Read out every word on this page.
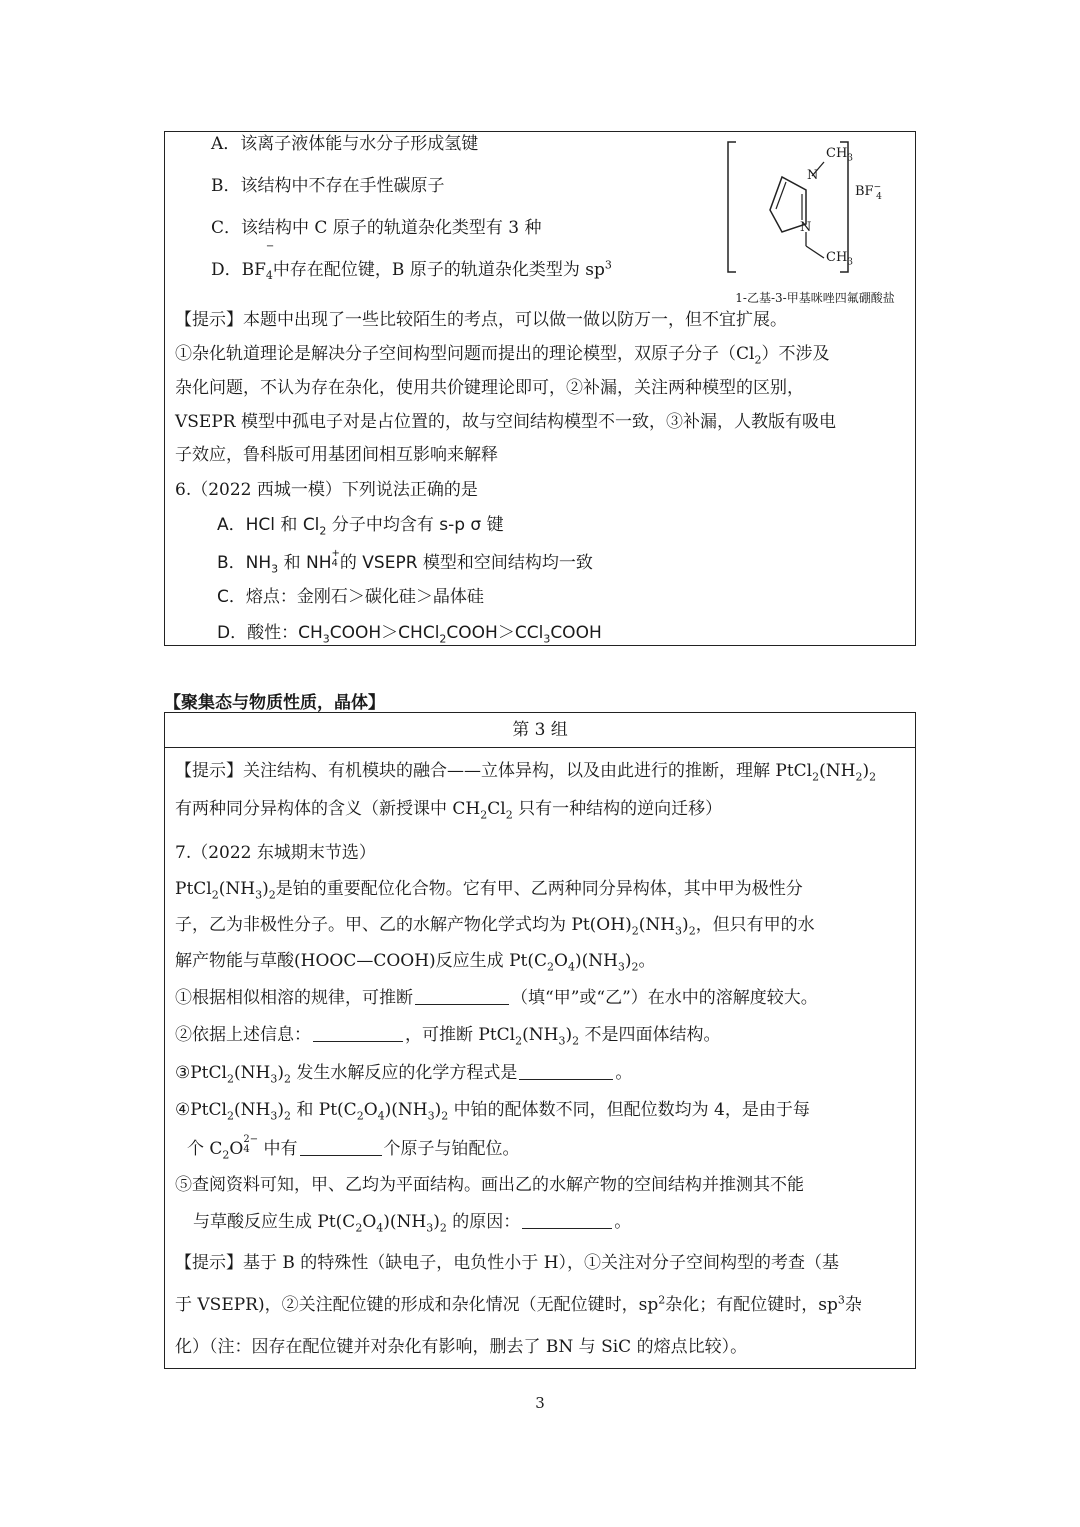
A．该离子液体能与水分子形成氢键
B．该结构中不存在手性碳原子
C．该结构中 C 原子的轨道杂化类型有 3 种
D．BF
$_{- 4}$中存在配位键，B 原子的轨道杂化类型为 $sp^3$
$CH_3$
N
N
$CH_3$
$BF^-_4$
1-乙基-3-甲基咪唑四氟硼酸盐
【提示】本题中出现了一些比较陌生的考点，可以做一做以防万一，但不宜扩展。
①杂化轨道理论是解决分子空间构型问题而提出的理论模型，双原子分子$(Cl_2)$不涉及
杂化问题，不认为存在杂化，使用共价键理论即可，②补漏，关注两种模型的区别，
VSEPR 模型中孤电子对是占位置的，故与空间结构模型不一致，③补漏，人教版有吸电
子效应，鲁科版可用基团间相互影响来解释
6.（2022 西城一模）下列说法正确的是
A．HCl 和 $Cl_2$ 分子中均含有 s-p σ 键
B．$NH_3$ 和 NH+
4 的 VSEPR 模型和空间结构均一致
C．熔点：金刚石＞碳化硅＞晶体硅
D．酸性：$CH_3COOH>CHCl_2COOH>CCl_3COOH$
【聚集态与物质性质，晶体】
第 3 组
【提示】关注结构、有机模块的融合——立体异构，以及由此进行的推断，理解 $PtCl_2(NH_2)_2$
有两种同分异构体的含义（新授课中 $CH_2Cl_2$ 只有一种结构的逆向迁移）
7.（2022 东城期末节选）
$PtCl_2(NH_3)_2$是铂的重要配位化合物。它有甲、乙两种同分异构体，其中甲为极性分
子，乙为非极性分子。甲、乙的水解产物化学式均为 $Pt(OH)_2(NH_3)_2$，但只有甲的水
解产物能与草酸(HOOC—COOH)反应生成 $Pt(C_2O_4)(NH_3)_2$。
①根据相似相溶的规律，可推断	（填“甲”或“乙”）在水中的溶解度较大。
②依据上述信息：	，可推断 $PtCl_2(NH_3)_2$ 不是四面体结构。
$③PtCl_2(NH_3)_2$ 发生水解反应的化学方程式是	。
$④PtCl_2(NH_3)_2$ 和 $Pt(C_2O_4)(NH_3)_2$ 中铂的配体数不同，但配位数均为 4，是由于每
个 $C_2O2-$
4 中有	个原子与铂配位。
⑤查阅资料可知，甲、乙均为平面结构。画出乙的水解产物的空间结构并推测其不能
与草酸反应生成 $Pt(C_2O_4)(NH_3)_2$ 的原因：	。
【提示】基于 B 的特殊性（缺电子，电负性小于 H），①关注对分子空间构型的考查（基
于 VSEPR)，②关注配位键的形成和杂化情况（无配位键时，$sp^2$杂化；有配位键时，$sp^3$杂
化）（注：因存在配位键并对杂化有影响，删去了 BN 与 SiC 的熔点比较）。
3
